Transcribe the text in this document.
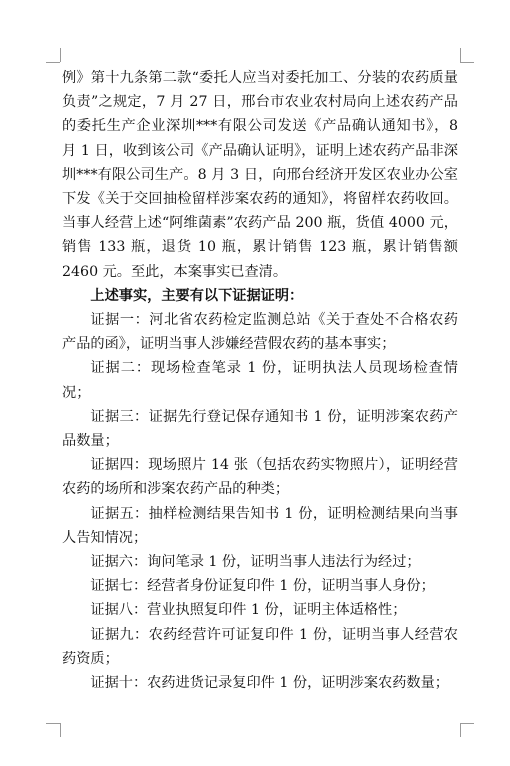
例》第十九条第二款“委托人应当对委托加工、分装的农药质量负责”之规定，7 月 27 日，邢台市农业农村局向上述农药产品的委托生产企业深圳***有限公司发送《产品确认通知书》，8 月 1 日，收到该公司《产品确认证明》，证明上述农药产品非深圳***有限公司生产。8 月 3 日，向邢台经济开发区农业办公室下发《关于交回抽检留样涉案农药的通知》，将留样农药收回。当事人经营上述“阿维菌素”农药产品 200 瓶，货值 4000 元，销售 133 瓶，退货 10 瓶，累计销售 123 瓶，累计销售额 2460 元。至此，本案事实已查清。

上述事实，主要有以下证据证明：

证据一：河北省农药检定监测总站《关于查处不合格农药产品的函》，证明当事人涉嫌经营假农药的基本事实；

证据二：现场检查笔录 1 份，证明执法人员现场检查情况；

证据三：证据先行登记保存通知书 1 份，证明涉案农药产品数量；

证据四：现场照片 14 张（包括农药实物照片），证明经营农药的场所和涉案农药产品的种类；

证据五：抽样检测结果告知书 1 份，证明检测结果向当事人告知情况；

证据六：询问笔录 1 份，证明当事人违法行为经过；

证据七：经营者身份证复印件 1 份，证明当事人身份；

证据八：营业执照复印件 1 份，证明主体适格性；

证据九：农药经营许可证复印件 1 份，证明当事人经营农药资质；

证据十：农药进货记录复印件 1 份，证明涉案农药数量；
